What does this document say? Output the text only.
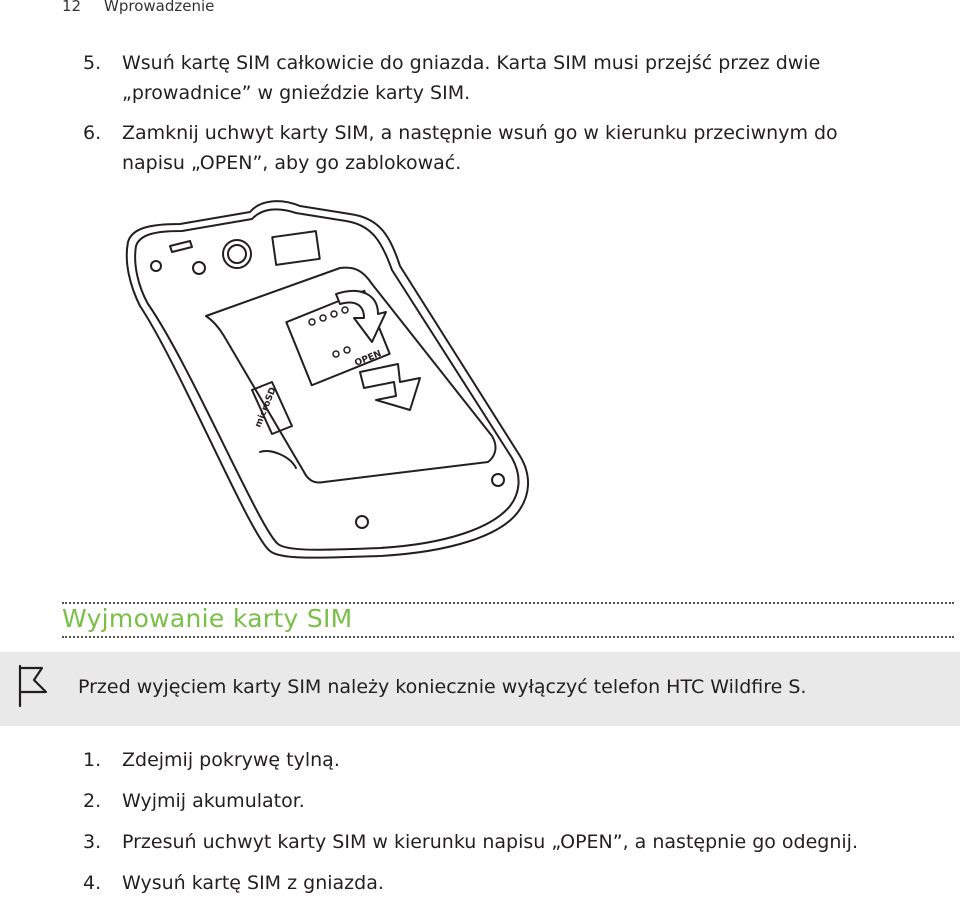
12 Wprowadzenie
5. Wsuń kartę SIM całkowicie do gniazda. Karta SIM musi przejść przez dwie
„prowadnice” w gnieździe karty SIM.
6. Zamknij uchwyt karty SIM, a następnie wsuń go w kierunku przeciwnym do
napisu „OPEN”, aby go zablokować.
OPEN
microSD
Wyjmowanie karty SIM
Przed wyjęciem karty SIM należy koniecznie wyłączyć telefon HTC Wildfire S.
1. Zdejmij pokrywę tylną.
2. Wyjmij akumulator.
3. Przesuń uchwyt karty SIM w kierunku napisu „OPEN”, a następnie go odegnij.
4. Wysuń kartę SIM z gniazda.
